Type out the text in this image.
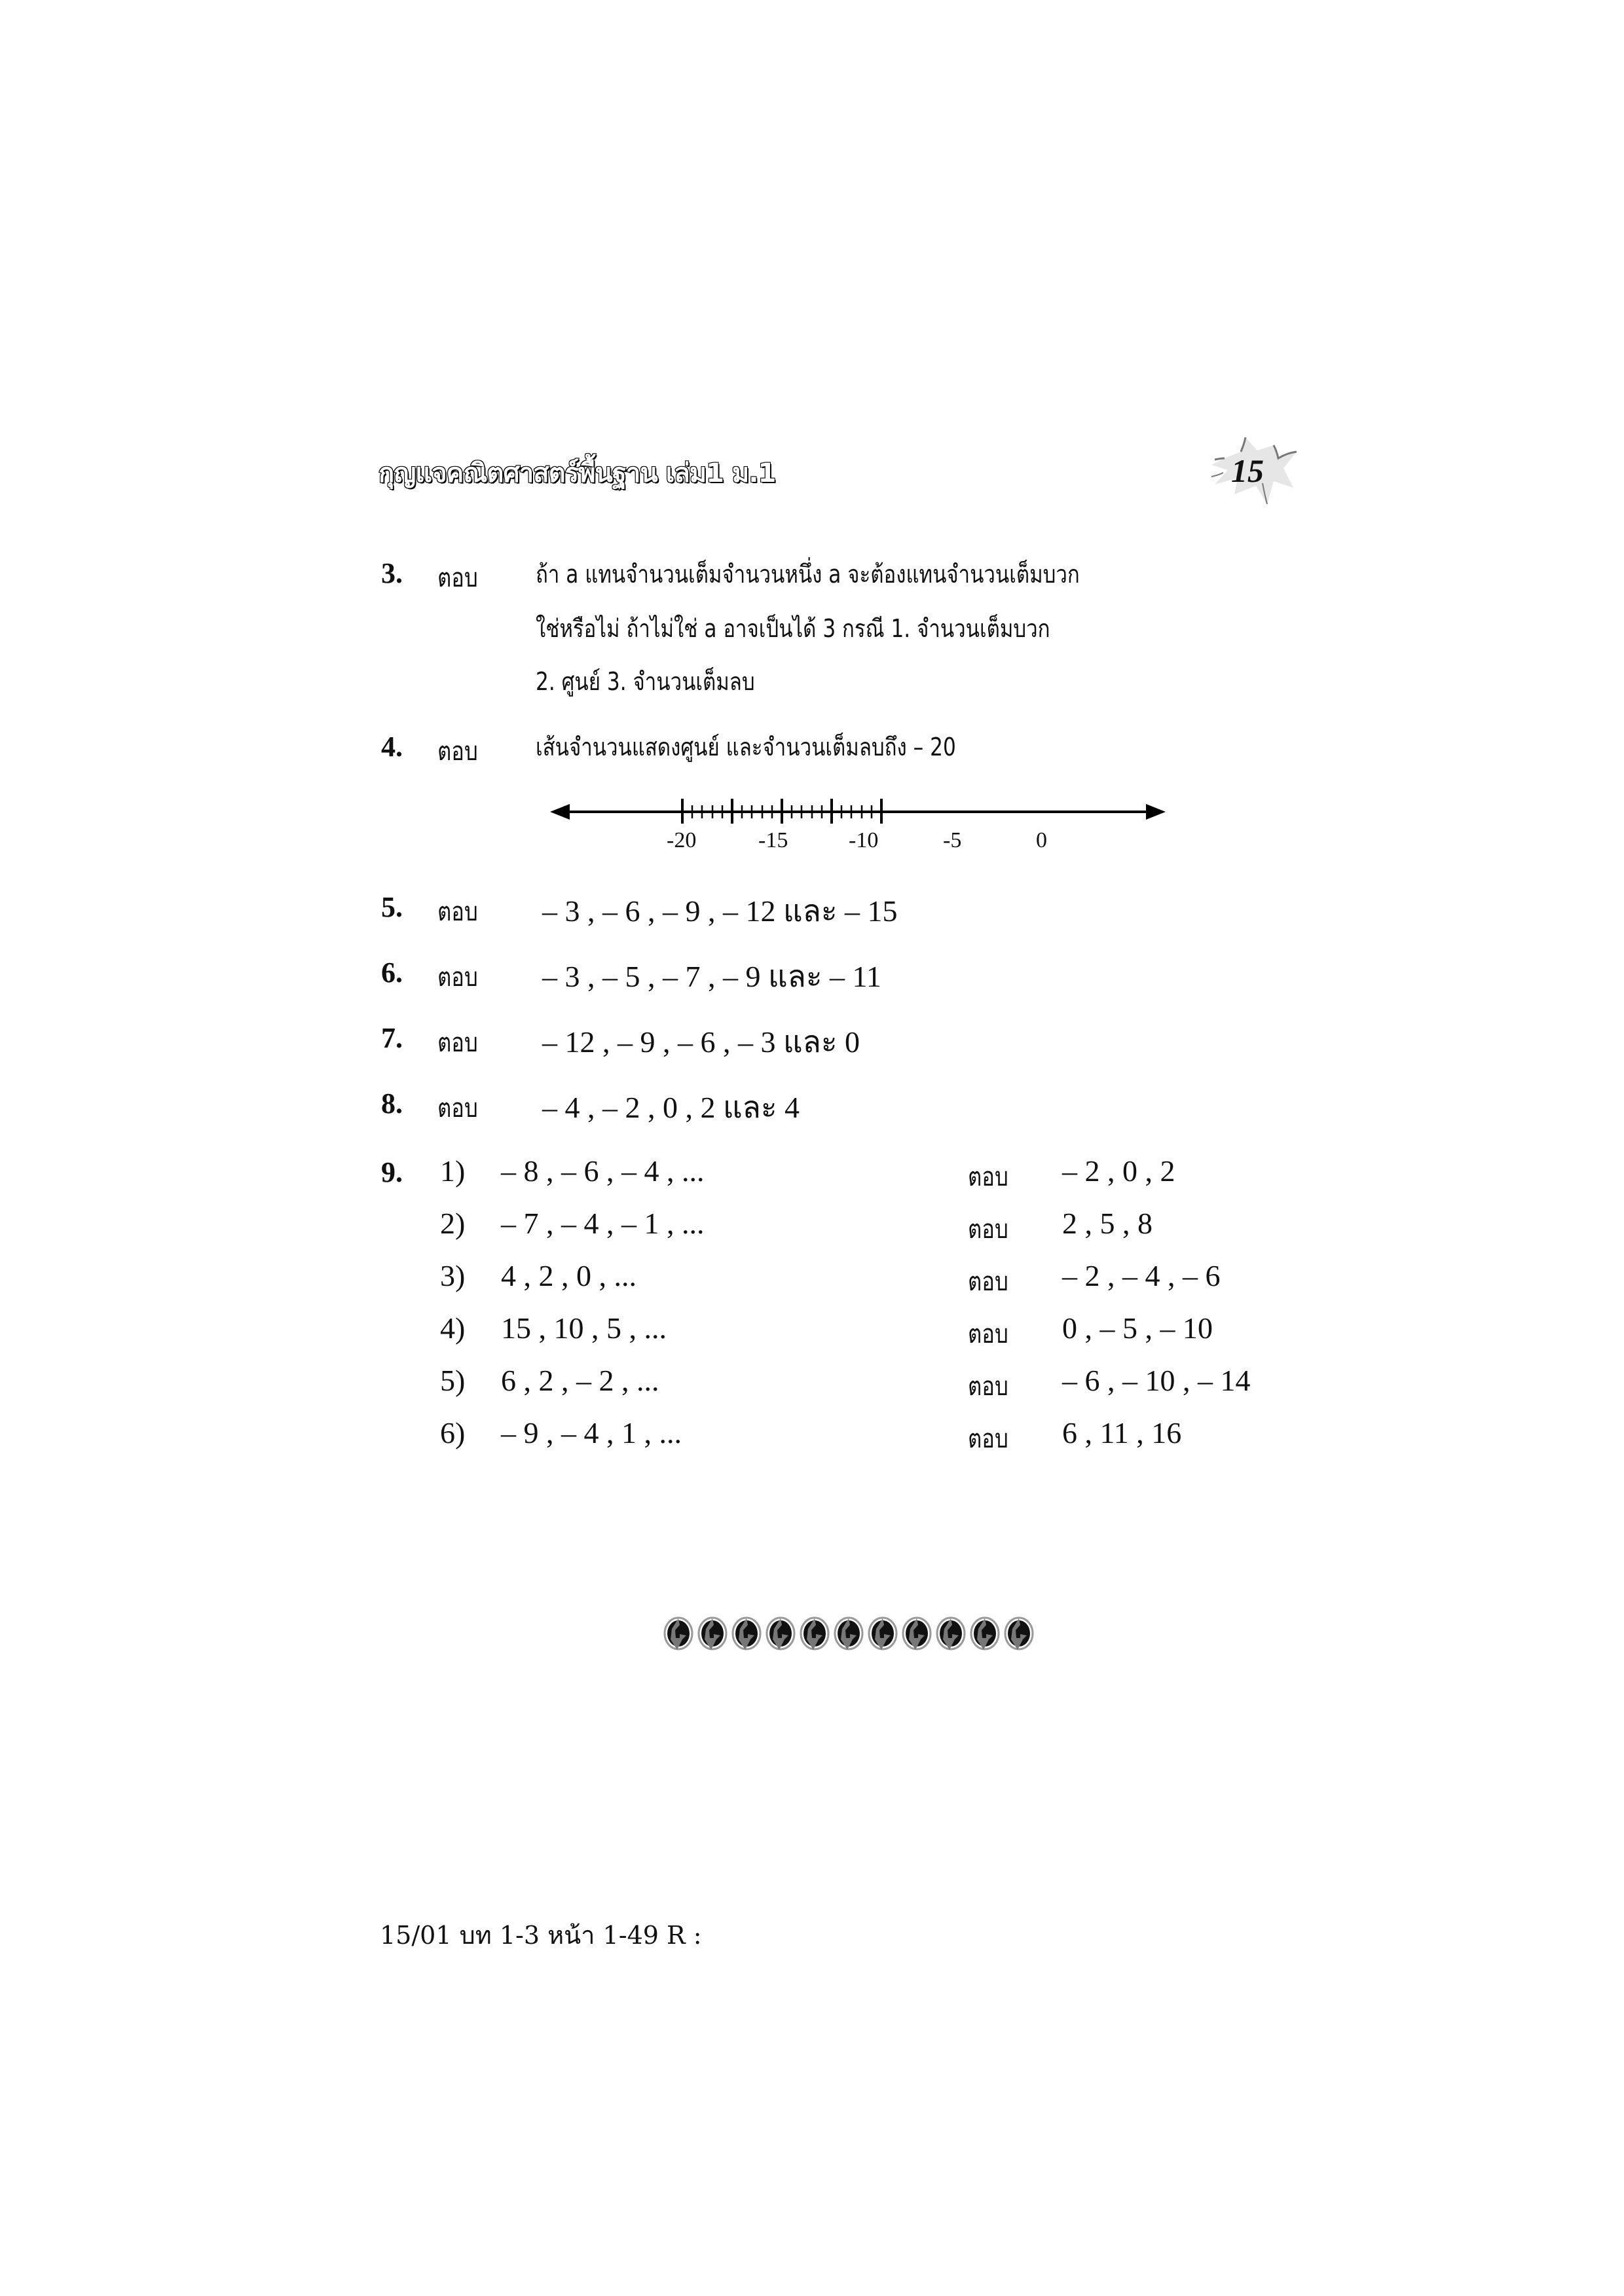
กุญแจคณิตศาสตร์พื้นฐาน เล่ม1 ม.1	15
3. ตอบ ถ้า a แทนจำนวนเต็มจำนวนหนึ่ง a จะต้องแทนจำนวนเต็มบวก
ใช่หรือไม่ ถ้าไม่ใช่ a อาจเป็นได้ 3 กรณี 1. จำนวนเต็มบวก
2. ศูนย์ 3. จำนวนเต็มลบ
4. ตอบ เส้นจำนวนแสดงศูนย์ และจำนวนเต็มลบถึง – 20
-20	-15	-10	-5	0
5. ตอบ – 3 , – 6 , – 9 , – 12 และ – 15
6. ตอบ – 3 , – 5 , – 7 , – 9 และ – 11
7. ตอบ – 12 , – 9 , – 6 , – 3 และ 0
8. ตอบ – 4 , – 2 , 0 , 2 และ 4
9. 1) – 8 , – 6 , – 4 , ...	ตอบ – 2 , 0 , 2
2) – 7 , – 4 , – 1 , ...	ตอบ 2 , 5 , 8
3) 4 , 2 , 0 , ...	ตอบ – 2 , – 4 , – 6
4) 15 , 10 , 5 , ...	ตอบ 0 , – 5 , – 10
5) 6 , 2 , – 2 , ...	ตอบ – 6 , – 10 , – 14
6) – 9 , – 4 , 1 , ...	ตอบ 6 , 11 , 16
15/01 บท 1-3 หน้า 1-49 R :
